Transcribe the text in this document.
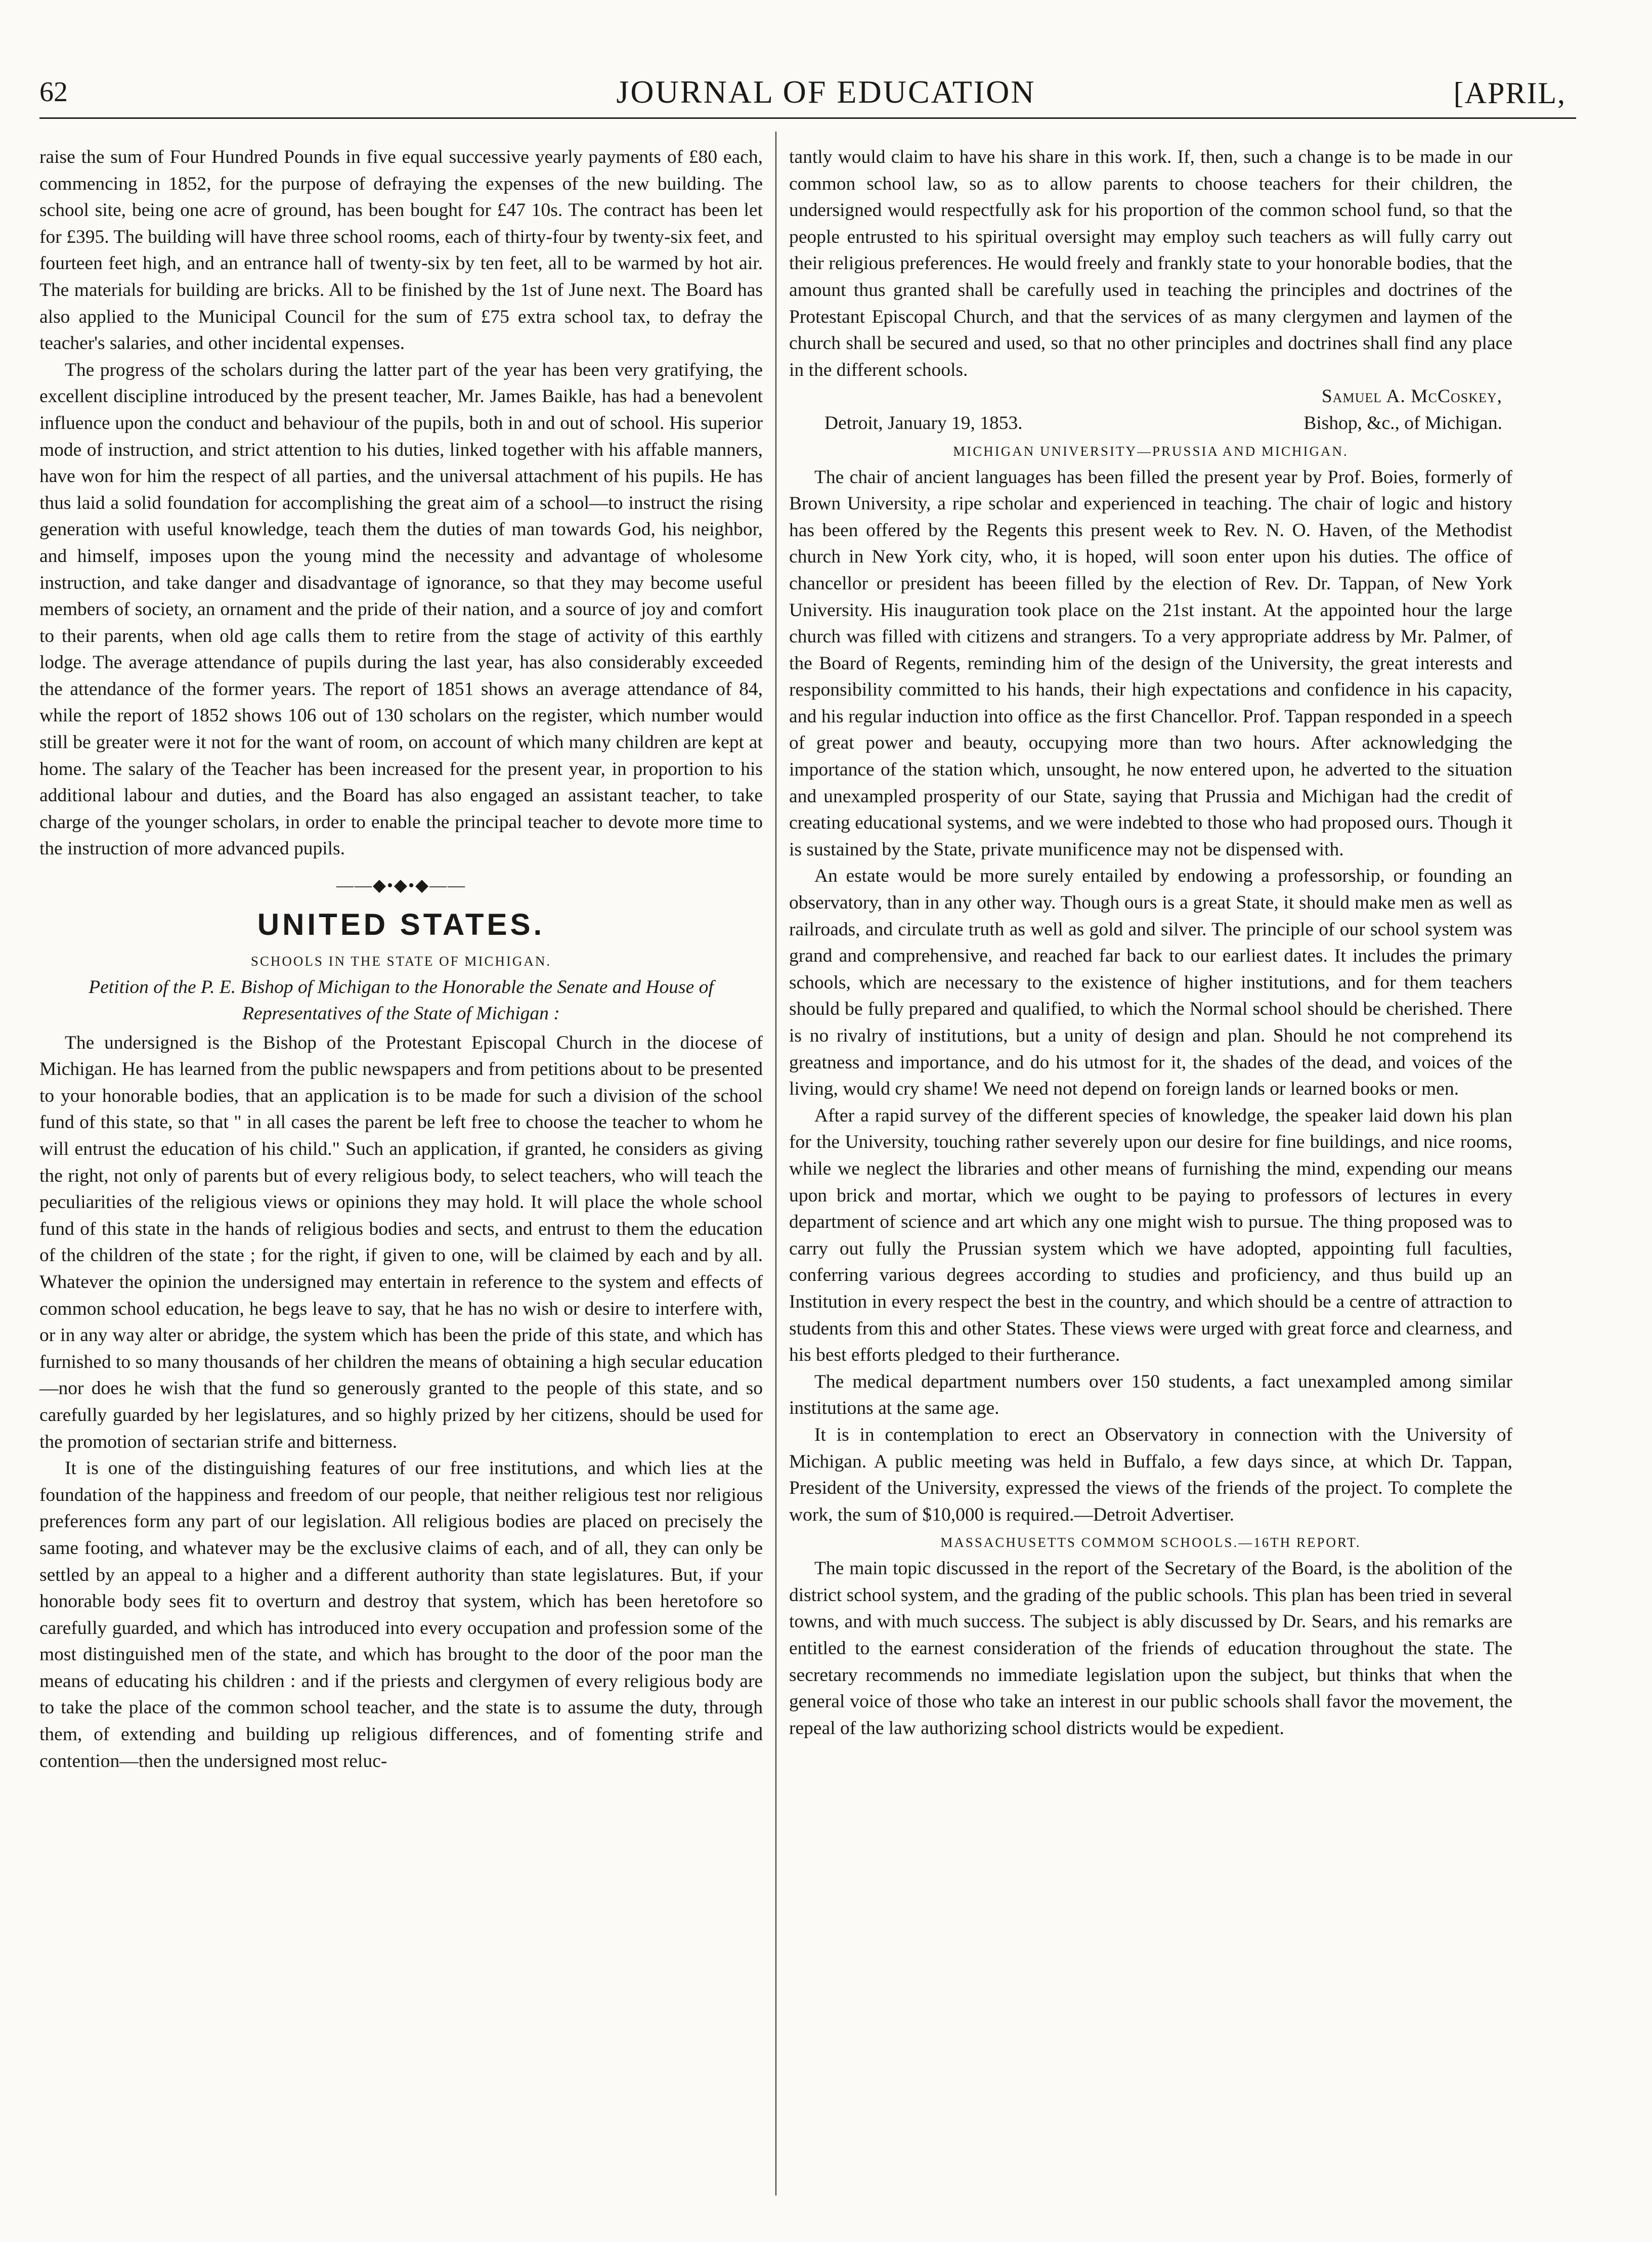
62	JOURNAL OF EDUCATION	[APRIL,

raise the sum of Four Hundred Pounds in five equal successive yearly payments of £80 each, commencing in 1852, for the purpose of defraying the expenses of the new building. The school site, being one acre of ground, has been bought for £47 10s. The contract has been let for £395. The building will have three school rooms, each of thirty-four by twenty-six feet, and fourteen feet high, and an entrance hall of twenty-six by ten feet, all to be warmed by hot air. The materials for building are bricks. All to be finished by the 1st of June next. The Board has also applied to the Municipal Council for the sum of £75 extra school tax, to defray the teacher's salaries, and other incidental expenses.

The progress of the scholars during the latter part of the year has been very gratifying, the excellent discipline introduced by the present teacher, Mr. James Baikle, has had a benevolent influence upon the conduct and behaviour of the pupils, both in and out of school. His superior mode of instruction, and strict attention to his duties, linked together with his affable manners, have won for him the respect of all parties, and the universal attachment of his pupils. He has thus laid a solid foundation for accomplishing the great aim of a school—to instruct the rising generation with useful knowledge, teach them the duties of man towards God, his neighbor, and himself, imposes upon the young mind the necessity and advantage of wholesome instruction, and take danger and disadvantage of ignorance, so that they may become useful members of society, an ornament and the pride of their nation, and a source of joy and comfort to their parents, when old age calls them to retire from the stage of activity of this earthly lodge. The average attendance of pupils during the last year, has also considerably exceeded the attendance of the former years. The report of 1851 shows an average attendance of 84, while the report of 1852 shows 106 out of 130 scholars on the register, which number would still be greater were it not for the want of room, on account of which many children are kept at home. The salary of the Teacher has been increased for the present year, in proportion to his additional labour and duties, and the Board has also engaged an assistant teacher, to take charge of the younger scholars, in order to enable the principal teacher to devote more time to the instruction of more advanced pupils.

——◆•◆•◆——
UNITED STATES.
SCHOOLS IN THE STATE OF MICHIGAN.
Petition of the P. E. Bishop of Michigan to the Honorable the Senate and House of Representatives of the State of Michigan :

The undersigned is the Bishop of the Protestant Episcopal Church in the diocese of Michigan. He has learned from the public newspapers and from petitions about to be presented to your honorable bodies, that an application is to be made for such a division of the school fund of this state, so that " in all cases the parent be left free to choose the teacher to whom he will entrust the education of his child." Such an application, if granted, he considers as giving the right, not only of parents but of every religious body, to select teachers, who will teach the peculiarities of the religious views or opinions they may hold. It will place the whole school fund of this state in the hands of religious bodies and sects, and entrust to them the education of the children of the state ; for the right, if given to one, will be claimed by each and by all. Whatever the opinion the undersigned may entertain in reference to the system and effects of common school education, he begs leave to say, that he has no wish or desire to interfere with, or in any way alter or abridge, the system which has been the pride of this state, and which has furnished to so many thousands of her children the means of obtaining a high secular education—nor does he wish that the fund so generously granted to the people of this state, and so carefully guarded by her legislatures, and so highly prized by her citizens, should be used for the promotion of sectarian strife and bitterness.

It is one of the distinguishing features of our free institutions, and which lies at the foundation of the happiness and freedom of our people, that neither religious test nor religious preferences form any part of our legislation. All religious bodies are placed on precisely the same footing, and whatever may be the exclusive claims of each, and of all, they can only be settled by an appeal to a higher and a different authority than state legislatures. But, if your honorable body sees fit to overturn and destroy that system, which has been heretofore so carefully guarded, and which has introduced into every occupation and profession some of the most distinguished men of the state, and which has brought to the door of the poor man the means of educating his children : and if the priests and clergymen of every religious body are to take the place of the common school teacher, and the state is to assume the duty, through them, of extending and building up religious differences, and of fomenting strife and contention—then the undersigned most reluc-

tantly would claim to have his share in this work. If, then, such a change is to be made in our common school law, so as to allow parents to choose teachers for their children, the undersigned would respectfully ask for his proportion of the common school fund, so that the people entrusted to his spiritual oversight may employ such teachers as will fully carry out their religious preferences. He would freely and frankly state to your honorable bodies, that the amount thus granted shall be carefully used in teaching the principles and doctrines of the Protestant Episcopal Church, and that the services of as many clergymen and laymen of the church shall be secured and used, so that no other principles and doctrines shall find any place in the different schools.

Samuel A. McCoskey,
Detroit, January 19, 1853.	Bishop, &c., of Michigan.
MICHIGAN UNIVERSITY—PRUSSIA AND MICHIGAN.

The chair of ancient languages has been filled the present year by Prof. Boies, formerly of Brown University, a ripe scholar and experienced in teaching. The chair of logic and history has been offered by the Regents this present week to Rev. N. O. Haven, of the Methodist church in New York city, who, it is hoped, will soon enter upon his duties. The office of chancellor or president has beeen filled by the election of Rev. Dr. Tappan, of New York University. His inauguration took place on the 21st instant. At the appointed hour the large church was filled with citizens and strangers. To a very appropriate address by Mr. Palmer, of the Board of Regents, reminding him of the design of the University, the great interests and responsibility committed to his hands, their high expectations and confidence in his capacity, and his regular induction into office as the first Chancellor. Prof. Tappan responded in a speech of great power and beauty, occupying more than two hours. After acknowledging the importance of the station which, unsought, he now entered upon, he adverted to the situation and unexampled prosperity of our State, saying that Prussia and Michigan had the credit of creating educational systems, and we were indebted to those who had proposed ours. Though it is sustained by the State, private munificence may not be dispensed with.

An estate would be more surely entailed by endowing a professorship, or founding an observatory, than in any other way. Though ours is a great State, it should make men as well as railroads, and circulate truth as well as gold and silver. The principle of our school system was grand and comprehensive, and reached far back to our earliest dates. It includes the primary schools, which are necessary to the existence of higher institutions, and for them teachers should be fully prepared and qualified, to which the Normal school should be cherished. There is no rivalry of institutions, but a unity of design and plan. Should he not comprehend its greatness and importance, and do his utmost for it, the shades of the dead, and voices of the living, would cry shame! We need not depend on foreign lands or learned books or men.

After a rapid survey of the different species of knowledge, the speaker laid down his plan for the University, touching rather severely upon our desire for fine buildings, and nice rooms, while we neglect the libraries and other means of furnishing the mind, expending our means upon brick and mortar, which we ought to be paying to professors of lectures in every department of science and art which any one might wish to pursue. The thing proposed was to carry out fully the Prussian system which we have adopted, appointing full faculties, conferring various degrees according to studies and proficiency, and thus build up an Institution in every respect the best in the country, and which should be a centre of attraction to students from this and other States. These views were urged with great force and clearness, and his best efforts pledged to their furtherance.

The medical department numbers over 150 students, a fact unexampled among similar institutions at the same age.

It is in contemplation to erect an Observatory in connection with the University of Michigan. A public meeting was held in Buffalo, a few days since, at which Dr. Tappan, President of the University, expressed the views of the friends of the project. To complete the work, the sum of $10,000 is required.—Detroit Advertiser.

MASSACHUSETTS COMMOM SCHOOLS.—16TH REPORT.

The main topic discussed in the report of the Secretary of the Board, is the abolition of the district school system, and the grading of the public schools. This plan has been tried in several towns, and with much success. The subject is ably discussed by Dr. Sears, and his remarks are entitled to the earnest consideration of the friends of education throughout the state. The secretary recommends no immediate legislation upon the subject, but thinks that when the general voice of those who take an interest in our public schools shall favor the movement, the repeal of the law authorizing school districts would be expedient.
